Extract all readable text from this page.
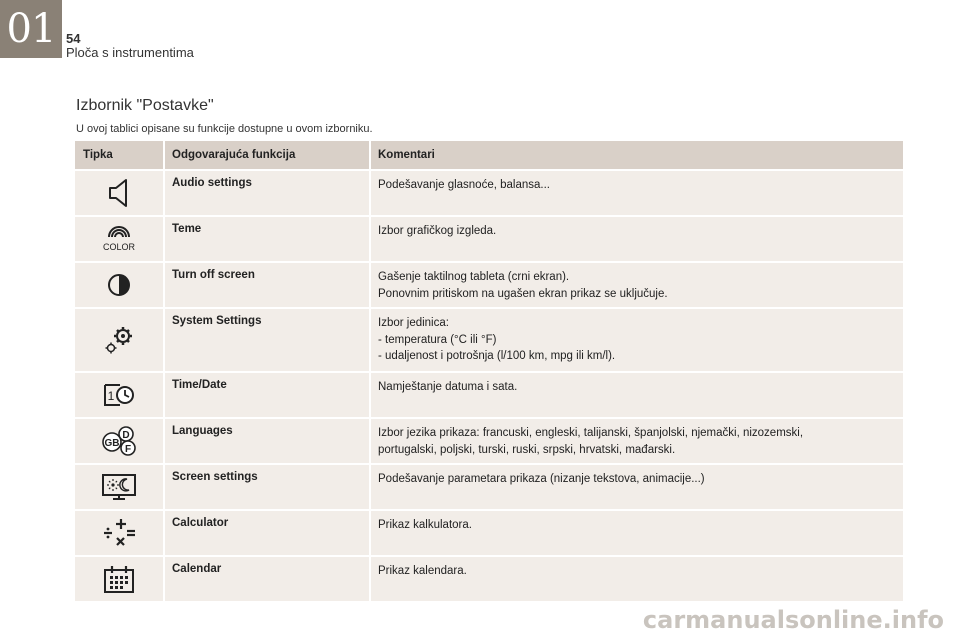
01 54
Ploča s instrumentima
Izbornik "Postavke"
U ovoj tablici opisane su funkcije dostupne u ovom izborniku.
Tipka	Odgovarajuća funkcija	Komentari
Audio settings	Podešavanje glasnoće, balansa...
COLOR
Teme	Izbor grafičkog izgleda.
Turn off screen	Gašenje taktilnog tableta (crni ekran).
Ponovnim pritiskom na ugašen ekran prikaz se uključuje.
System Settings	Izbor jedinica:
- temperatura (°C ili °F)
- udaljenost i potrošnja (l/100 km, mpg ili km/l).
1
Time/Date	Namještanje datuma i sata.
D
F
GB
Languages	Izbor jezika prikaza: francuski, engleski, talijanski, španjolski, njemački, nizozemski,
portugalski, poljski, turski, ruski, srpski, hrvatski, mađarski.
Screen settings	Podešavanje parametara prikaza (nizanje tekstova, animacije...)
Calculator	Prikaz kalkulatora.
Calendar	Prikaz kalendara.
carmanualsonline.info
